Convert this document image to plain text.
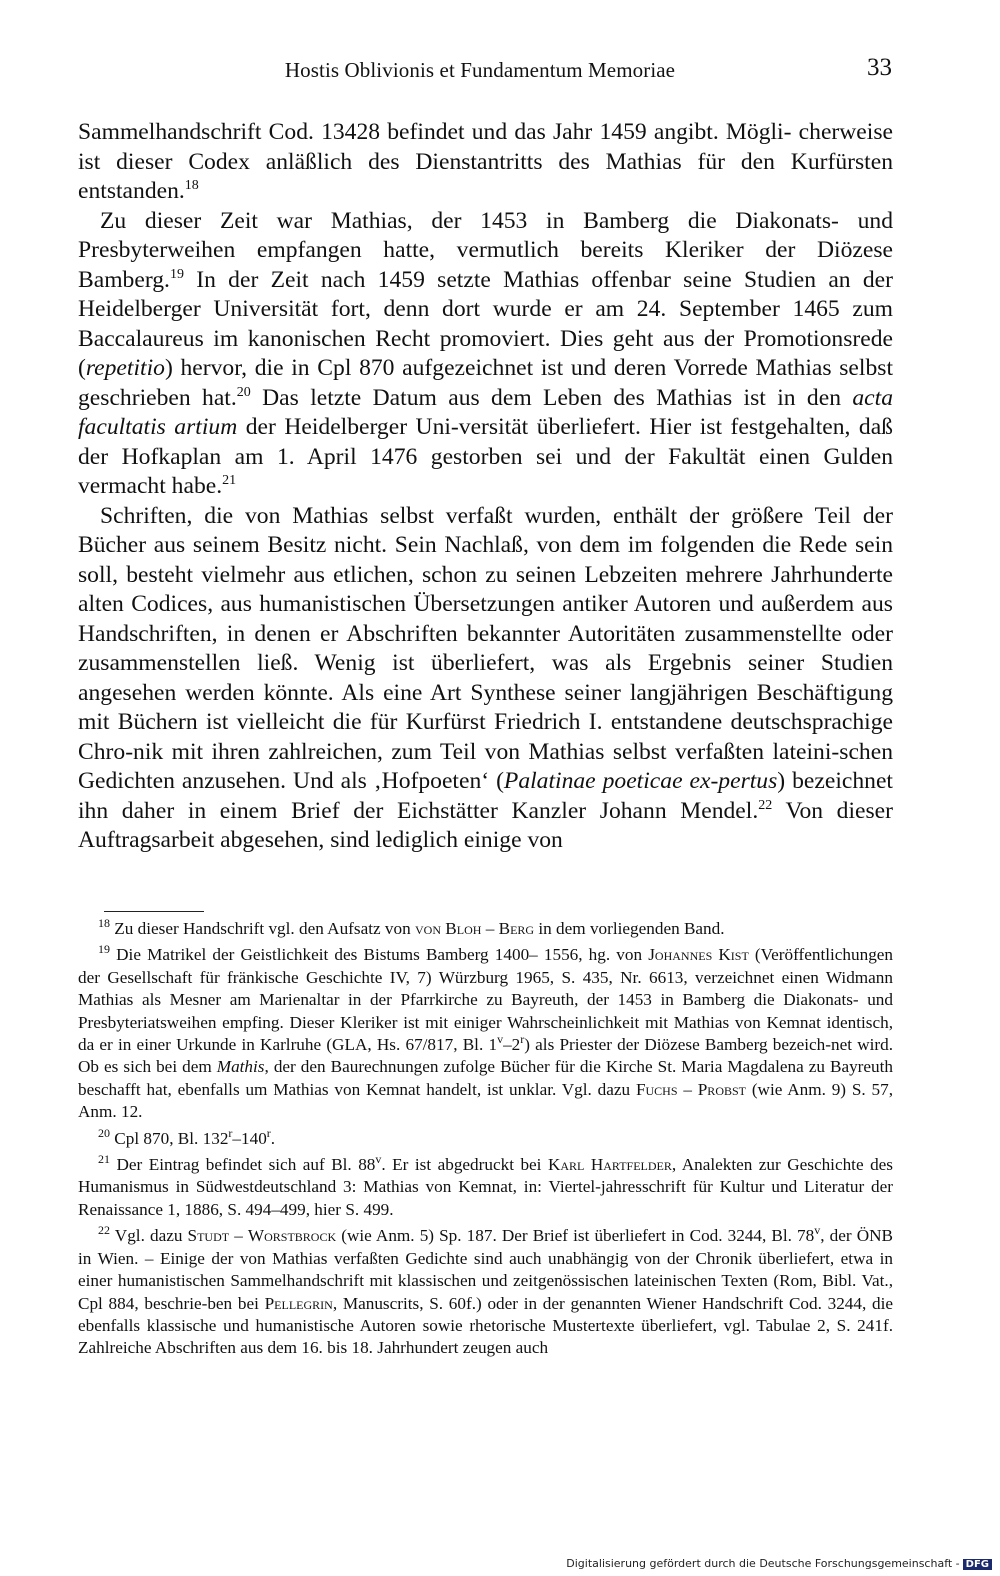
Hostis Oblivionis et Fundamentum Memoriae	33

Sammelhandschrift Cod. 13428 befindet und das Jahr 1459 angibt. Mögli- cherweise ist dieser Codex anläßlich des Dienstantritts des Mathias für den Kurfürsten entstanden.$^{18}$

Zu dieser Zeit war Mathias, der 1453 in Bamberg die Diakonats- und Presbyterweihen empfangen hatte, vermutlich bereits Kleriker der Diözese Bamberg.$^{19}$ In der Zeit nach 1459 setzte Mathias offenbar seine Studien an der Heidelberger Universität fort, denn dort wurde er am 24. September 1465 zum Baccalaureus im kanonischen Recht promoviert. Dies geht aus der Promotionsrede (repetitio) hervor, die in Cpl 870 aufgezeichnet ist und deren Vorrede Mathias selbst geschrieben hat.$^{20}$ Das letzte Datum aus dem Leben des Mathias ist in den acta facultatis artium der Heidelberger Uni-versität überliefert. Hier ist festgehalten, daß der Hofkaplan am 1. April 1476 gestorben sei und der Fakultät einen Gulden vermacht habe.$^{21}$

Schriften, die von Mathias selbst verfaßt wurden, enthält der größere Teil der Bücher aus seinem Besitz nicht. Sein Nachlaß, von dem im folgenden die Rede sein soll, besteht vielmehr aus etlichen, schon zu seinen Lebzeiten mehrere Jahrhunderte alten Codices, aus humanistischen Übersetzungen antiker Autoren und außerdem aus Handschriften, in denen er Abschriften bekannter Autoritäten zusammenstellte oder zusammenstellen ließ. Wenig ist überliefert, was als Ergebnis seiner Studien angesehen werden könnte. Als eine Art Synthese seiner langjährigen Beschäftigung mit Büchern ist vielleicht die für Kurfürst Friedrich I. entstandene deutschsprachige Chro-nik mit ihren zahlreichen, zum Teil von Mathias selbst verfaßten lateini-schen Gedichten anzusehen. Und als ‚Hofpoeten‘ (Palatinae poeticae ex-pertus) bezeichnet ihn daher in einem Brief der Eichstätter Kanzler Johann Mendel.$^{22}$ Von dieser Auftragsarbeit abgesehen, sind lediglich einige von

$^{18}$ Zu dieser Handschrift vgl. den Aufsatz von von Bloh – Berg in dem vorliegenden Band.

$^{19}$ Die Matrikel der Geistlichkeit des Bistums Bamberg 1400– 1556, hg. von Johannes Kist (Veröffentlichungen der Gesellschaft für fränkische Geschichte IV, 7) Würzburg 1965, S. 435, Nr. 6613, verzeichnet einen Widmann Mathias als Mesner am Marienaltar in der Pfarrkirche zu Bayreuth, der 1453 in Bamberg die Diakonats- und Presbyteriatsweihen empfing. Dieser Kleriker ist mit einiger Wahrscheinlichkeit mit Mathias von Kemnat identisch, da er in einer Urkunde in Karlruhe (GLA, Hs. 67/817, Bl. 1$^v$–2$^r$) als Priester der Diözese Bamberg bezeich-net wird. Ob es sich bei dem Mathis, der den Baurechnungen zufolge Bücher für die Kirche St. Maria Magdalena zu Bayreuth beschafft hat, ebenfalls um Mathias von Kemnat handelt, ist unklar. Vgl. dazu Fuchs – Probst (wie Anm. 9) S. 57, Anm. 12.

$^{20}$ Cpl 870, Bl. 132$^r$–140$^r$.

$^{21}$ Der Eintrag befindet sich auf Bl. 88$^v$. Er ist abgedruckt bei Karl Hartfelder, Analekten zur Geschichte des Humanismus in Südwestdeutschland 3: Mathias von Kemnat, in: Viertel-jahresschrift für Kultur und Literatur der Renaissance 1, 1886, S. 494–499, hier S. 499.

$^{22}$ Vgl. dazu Studt – Worstbrock (wie Anm. 5) Sp. 187. Der Brief ist überliefert in Cod. 3244, Bl. 78$^v$, der ÖNB in Wien. – Einige der von Mathias verfaßten Gedichte sind auch unabhängig von der Chronik überliefert, etwa in einer humanistischen Sammelhandschrift mit klassischen und zeitgenössischen lateinischen Texten (Rom, Bibl. Vat., Cpl 884, beschrie-ben bei Pellegrin, Manuscrits, S. 60f.) oder in der genannten Wiener Handschrift Cod. 3244, die ebenfalls klassische und humanistische Autoren sowie rhetorische Mustertexte überliefert, vgl. Tabulae 2, S. 241f. Zahlreiche Abschriften aus dem 16. bis 18. Jahrhundert zeugen auch

Digitalisierung gefördert durch die Deutsche Forschungsgemeinschaft - DFG
